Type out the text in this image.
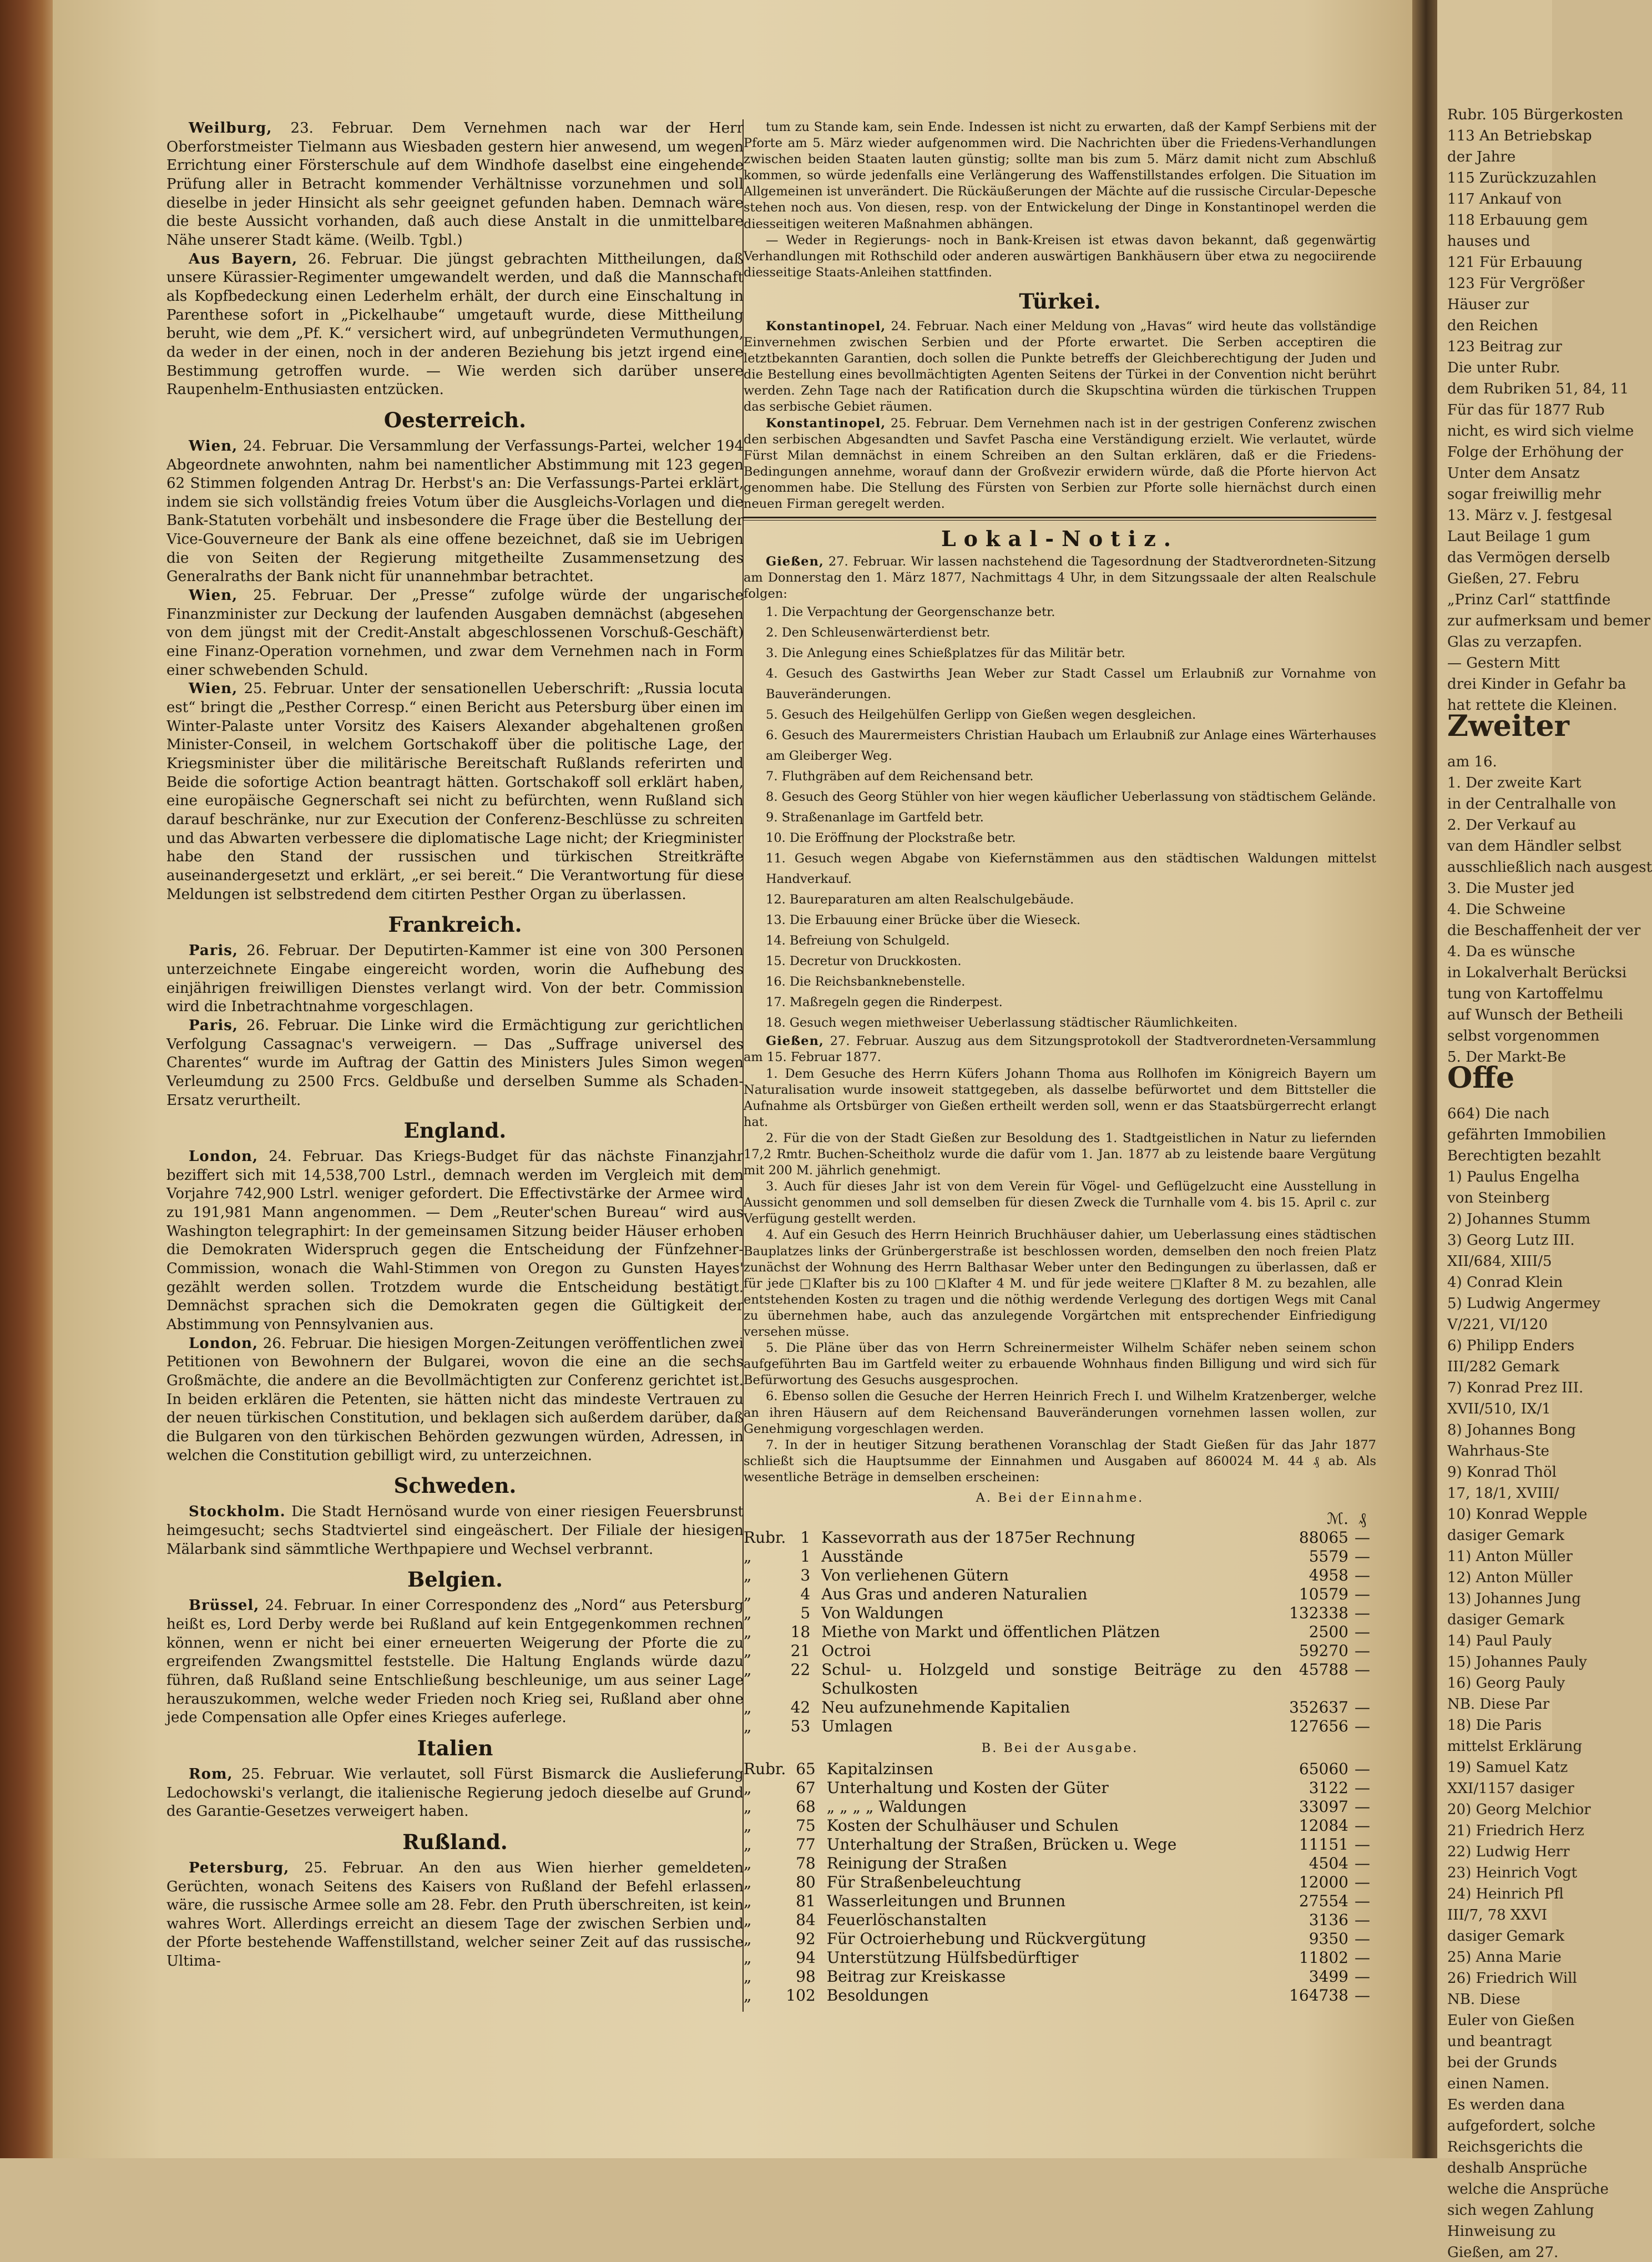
Weilburg, 23. Februar. Dem Vernehmen nach war der Herr Oberforstmeister Tielmann aus Wiesbaden gestern hier anwesend, um wegen Errichtung einer Försterschule auf dem Windhofe daselbst eine eingehende Prüfung aller in Betracht kommender Verhältnisse vorzunehmen und soll dieselbe in jeder Hinsicht als sehr geeignet gefunden haben. Demnach wäre die beste Aussicht vorhanden, daß auch diese Anstalt in die unmittelbare Nähe unserer Stadt käme. (Weilb. Tgbl.)

Aus Bayern, 26. Februar. Die jüngst gebrachten Mittheilungen, daß unsere Kürassier-Regimenter umgewandelt werden, und daß die Mannschaft als Kopfbedeckung einen Lederhelm erhält, der durch eine Einschaltung in Parenthese sofort in „Pickelhaube“ umgetauft wurde, diese Mittheilung beruht, wie dem „Pf. K.“ versichert wird, auf unbegründeten Vermuthungen, da weder in der einen, noch in der anderen Beziehung bis jetzt irgend eine Bestimmung getroffen wurde. — Wie werden sich darüber unsere Raupenhelm-Enthusiasten entzücken.

Oesterreich.

Wien, 24. Februar. Die Versammlung der Verfassungs-Partei, welcher 194 Abgeordnete anwohnten, nahm bei namentlicher Abstimmung mit 123 gegen 62 Stimmen folgenden Antrag Dr. Herbst's an: Die Verfassungs-Partei erklärt, indem sie sich vollständig freies Votum über die Ausgleichs-Vorlagen und die Bank-Statuten vorbehält und insbesondere die Frage über die Bestellung der Vice-Gouverneure der Bank als eine offene bezeichnet, daß sie im Uebrigen die von Seiten der Regierung mitgetheilte Zusammensetzung des Generalraths der Bank nicht für unannehmbar betrachtet.

Wien, 25. Februar. Der „Presse“ zufolge würde der ungarische Finanzminister zur Deckung der laufenden Ausgaben demnächst (abgesehen von dem jüngst mit der Credit-Anstalt abgeschlossenen Vorschuß-Geschäft) eine Finanz-Operation vornehmen, und zwar dem Vernehmen nach in Form einer schwebenden Schuld.

Wien, 25. Februar. Unter der sensationellen Ueberschrift: „Russia locuta est“ bringt die „Pesther Corresp.“ einen Bericht aus Petersburg über einen im Winter-Palaste unter Vorsitz des Kaisers Alexander abgehaltenen großen Minister-Conseil, in welchem Gortschakoff über die politische Lage, der Kriegsminister über die militärische Bereitschaft Rußlands referirten und Beide die sofortige Action beantragt hätten. Gortschakoff soll erklärt haben, eine europäische Gegnerschaft sei nicht zu befürchten, wenn Rußland sich darauf beschränke, nur zur Execution der Conferenz-Beschlüsse zu schreiten und das Abwarten verbessere die diplomatische Lage nicht; der Kriegminister habe den Stand der russischen und türkischen Streitkräfte auseinandergesetzt und erklärt, „er sei bereit.“ Die Verantwortung für diese Meldungen ist selbstredend dem citirten Pesther Organ zu überlassen.

Frankreich.

Paris, 26. Februar. Der Deputirten-Kammer ist eine von 300 Personen unterzeichnete Eingabe eingereicht worden, worin die Aufhebung des einjährigen freiwilligen Dienstes verlangt wird. Von der betr. Commission wird die Inbetrachtnahme vorgeschlagen.

Paris, 26. Februar. Die Linke wird die Ermächtigung zur gerichtlichen Verfolgung Cassagnac's verweigern. — Das „Suffrage universel des Charentes“ wurde im Auftrag der Gattin des Ministers Jules Simon wegen Verleumdung zu 2500 Frcs. Geldbuße und derselben Summe als Schaden-Ersatz verurtheilt.

England.

London, 24. Februar. Das Kriegs-Budget für das nächste Finanzjahr beziffert sich mit 14,538,700 Lstrl., demnach werden im Vergleich mit dem Vorjahre 742,900 Lstrl. weniger gefordert. Die Effectivstärke der Armee wird zu 191,981 Mann angenommen. — Dem „Reuter'schen Bureau“ wird aus Washington telegraphirt: In der gemeinsamen Sitzung beider Häuser erhoben die Demokraten Widerspruch gegen die Entscheidung der Fünfzehner-Commission, wonach die Wahl-Stimmen von Oregon zu Gunsten Hayes' gezählt werden sollen. Trotzdem wurde die Entscheidung bestätigt. Demnächst sprachen sich die Demokraten gegen die Gültigkeit der Abstimmung von Pennsylvanien aus.

London, 26. Februar. Die hiesigen Morgen-Zeitungen veröffentlichen zwei Petitionen von Bewohnern der Bulgarei, wovon die eine an die sechs Großmächte, die andere an die Bevollmächtigten zur Conferenz gerichtet ist. In beiden erklären die Petenten, sie hätten nicht das mindeste Vertrauen zu der neuen türkischen Constitution, und beklagen sich außerdem darüber, daß die Bulgaren von den türkischen Behörden gezwungen würden, Adressen, in welchen die Constitution gebilligt wird, zu unterzeichnen.

Schweden.

Stockholm. Die Stadt Hernösand wurde von einer riesigen Feuersbrunst heimgesucht; sechs Stadtviertel sind eingeäschert. Der Filiale der hiesigen Mälarbank sind sämmtliche Werthpapiere und Wechsel verbrannt.

Belgien.

Brüssel, 24. Februar. In einer Correspondenz des „Nord“ aus Petersburg heißt es, Lord Derby werde bei Rußland auf kein Entgegenkommen rechnen können, wenn er nicht bei einer erneuerten Weigerung der Pforte die zu ergreifenden Zwangsmittel feststelle. Die Haltung Englands würde dazu führen, daß Rußland seine Entschließung beschleunige, um aus seiner Lage herauszukommen, welche weder Frieden noch Krieg sei, Rußland aber ohne jede Compensation alle Opfer eines Krieges auferlege.

Italien

Rom, 25. Februar. Wie verlautet, soll Fürst Bismarck die Auslieferung Ledochowski's verlangt, die italienische Regierung jedoch dieselbe auf Grund des Garantie-Gesetzes verweigert haben.

Rußland.

Petersburg, 25. Februar. An den aus Wien hierher gemeldeten Gerüchten, wonach Seitens des Kaisers von Rußland der Befehl erlassen wäre, die russische Armee solle am 28. Febr. den Pruth überschreiten, ist kein wahres Wort. Allerdings erreicht an diesem Tage der zwischen Serbien und der Pforte bestehende Waffenstillstand, welcher seiner Zeit auf das russische Ultima-

tum zu Stande kam, sein Ende. Indessen ist nicht zu erwarten, daß der Kampf Serbiens mit der Pforte am 5. März wieder aufgenommen wird. Die Nachrichten über die Friedens-Verhandlungen zwischen beiden Staaten lauten günstig; sollte man bis zum 5. März damit nicht zum Abschluß kommen, so würde jedenfalls eine Verlängerung des Waffenstillstandes erfolgen. Die Situation im Allgemeinen ist unverändert. Die Rückäußerungen der Mächte auf die russische Circular-Depesche stehen noch aus. Von diesen, resp. von der Entwickelung der Dinge in Konstantinopel werden die diesseitigen weiteren Maßnahmen abhängen.

— Weder in Regierungs- noch in Bank-Kreisen ist etwas davon bekannt, daß gegenwärtig Verhandlungen mit Rothschild oder anderen auswärtigen Bankhäusern über etwa zu negociirende diesseitige Staats-Anleihen stattfinden.

Türkei.

Konstantinopel, 24. Februar. Nach einer Meldung von „Havas“ wird heute das vollständige Einvernehmen zwischen Serbien und der Pforte erwartet. Die Serben acceptiren die letztbekannten Garantien, doch sollen die Punkte betreffs der Gleichberechtigung der Juden und die Bestellung eines bevollmächtigten Agenten Seitens der Türkei in der Convention nicht berührt werden. Zehn Tage nach der Ratification durch die Skupschtina würden die türkischen Truppen das serbische Gebiet räumen.

Konstantinopel, 25. Februar. Dem Vernehmen nach ist in der gestrigen Conferenz zwischen den serbischen Abgesandten und Savfet Pascha eine Verständigung erzielt. Wie verlautet, würde Fürst Milan demnächst in einem Schreiben an den Sultan erklären, daß er die Friedens-Bedingungen annehme, worauf dann der Großvezir erwidern würde, daß die Pforte hiervon Act genommen habe. Die Stellung des Fürsten von Serbien zur Pforte solle hiernächst durch einen neuen Firman geregelt werden.

Lokal-Notiz.

Gießen, 27. Februar. Wir lassen nachstehend die Tagesordnung der Stadtverordneten-Sitzung am Donnerstag den 1. März 1877, Nachmittags 4 Uhr, in dem Sitzungssaale der alten Realschule folgen:

1. Die Verpachtung der Georgenschanze betr.
2. Den Schleusenwärterdienst betr.
3. Die Anlegung eines Schießplatzes für das Militär betr.
4. Gesuch des Gastwirths Jean Weber zur Stadt Cassel um Erlaubniß zur Vornahme von Bauveränderungen.
5. Gesuch des Heilgehülfen Gerlipp von Gießen wegen desgleichen.
6. Gesuch des Maurermeisters Christian Haubach um Erlaubniß zur Anlage eines Wärterhauses am Gleiberger Weg.
7. Fluthgräben auf dem Reichensand betr.
8. Gesuch des Georg Stühler von hier wegen käuflicher Ueberlassung von städtischem Gelände.
9. Straßenanlage im Gartfeld betr.
10. Die Eröffnung der Plockstraße betr.
11. Gesuch wegen Abgabe von Kiefernstämmen aus den städtischen Waldungen mittelst Handverkauf.
12. Baureparaturen am alten Realschulgebäude.
13. Die Erbauung einer Brücke über die Wieseck.
14. Befreiung von Schulgeld.
15. Decretur von Druckkosten.
16. Die Reichsbanknebenstelle.
17. Maßregeln gegen die Rinderpest.
18. Gesuch wegen miethweiser Ueberlassung städtischer Räumlichkeiten.

Gießen, 27. Februar. Auszug aus dem Sitzungsprotokoll der Stadtverordneten-Versammlung am 15. Februar 1877.

1. Dem Gesuche des Herrn Küfers Johann Thoma aus Rollhofen im Königreich Bayern um Naturalisation wurde insoweit stattgegeben, als dasselbe befürwortet und dem Bittsteller die Aufnahme als Ortsbürger von Gießen ertheilt werden soll, wenn er das Staatsbürgerrecht erlangt hat.

2. Für die von der Stadt Gießen zur Besoldung des 1. Stadtgeistlichen in Natur zu liefernden 17,2 Rmtr. Buchen-Scheitholz wurde die dafür vom 1. Jan. 1877 ab zu leistende baare Vergütung mit 200 M. jährlich genehmigt.

3. Auch für dieses Jahr ist von dem Verein für Vögel- und Geflügelzucht eine Ausstellung in Aussicht genommen und soll demselben für diesen Zweck die Turnhalle vom 4. bis 15. April c. zur Verfügung gestellt werden.

4. Auf ein Gesuch des Herrn Heinrich Bruchhäuser dahier, um Ueberlassung eines städtischen Bauplatzes links der Grünbergerstraße ist beschlossen worden, demselben den noch freien Platz zunächst der Wohnung des Herrn Balthasar Weber unter den Bedingungen zu überlassen, daß er für jede □Klafter bis zu 100 □Klafter 4 M. und für jede weitere □Klafter 8 M. zu bezahlen, alle entstehenden Kosten zu tragen und die nöthig werdende Verlegung des dortigen Wegs mit Canal zu übernehmen habe, auch das anzulegende Vorgärtchen mit entsprechender Einfriedigung versehen müsse.

5. Die Pläne über das von Herrn Schreinermeister Wilhelm Schäfer neben seinem schon aufgeführten Bau im Gartfeld weiter zu erbauende Wohnhaus finden Billigung und wird sich für Befürwortung des Gesuchs ausgesprochen.

6. Ebenso sollen die Gesuche der Herren Heinrich Frech I. und Wilhelm Kratzenberger, welche an ihren Häusern auf dem Reichensand Bauveränderungen vornehmen lassen wollen, zur Genehmigung vorgeschlagen werden.

7. In der in heutiger Sitzung berathenen Voranschlag der Stadt Gießen für das Jahr 1877 schließt sich die Hauptsumme der Einnahmen und Ausgaben auf 860024 M. 44 ₰ ab. Als wesentliche Beträge in demselben erscheinen:

A. Bei der Einnahme.
			ℳ.	₰
Rubr.	1	Kassevorrath aus der 1875er Rechnung	88065	—
„	1	Ausstände	5579	—
„	3	Von verliehenen Gütern	4958	—
„	4	Aus Gras und anderen Naturalien	10579	—
„	5	Von Waldungen	132338	—
„	18	Miethe von Markt und öffentlichen Plätzen	2500	—
„	21	Octroi	59270	—
„	22	Schul- u. Holzgeld und sonstige Beiträge zu den Schulkosten	45788	—
„	42	Neu aufzunehmende Kapitalien	352637	—
„	53	Umlagen	127656	—
B. Bei der Ausgabe.
Rubr.	65	Kapitalzinsen	65060	—
„	67	Unterhaltung und Kosten der Güter	3122	—
„	68	„ „ „ „ Waldungen	33097	—
„	75	Kosten der Schulhäuser und Schulen	12084	—
„	77	Unterhaltung der Straßen, Brücken u. Wege	11151	—
„	78	Reinigung der Straßen	4504	—
„	80	Für Straßenbeleuchtung	12000	—
„	81	Wasserleitungen und Brunnen	27554	—
„	84	Feuerlöschanstalten	3136	—
„	92	Für Octroierhebung und Rückvergütung	9350	—
„	94	Unterstützung Hülfsbedürftiger	11802	—
„	98	Beitrag zur Kreiskasse	3499	—
„	102	Besoldungen	164738	—
Rubr. 105 Bürgerkosten
113 An Betriebskap
der Jahre
115 Zurückzuzahlen
117 Ankauf von
118 Erbauung gem
hauses und
121 Für Erbauung
123 Für Vergrößer
Häuser zur
den Reichen
123 Beitrag zur
Die unter Rubr.
dem Rubriken 51, 84, 11
Für das für 1877 Rub
nicht, es wird sich vielme
Folge der Erhöhung der
Unter dem Ansatz
sogar freiwillig mehr
13. März v. J. festgesal
Laut Beilage 1 gum
das Vermögen derselb
Gießen, 27. Febru
„Prinz Carl“ stattfinde
zur aufmerksam und bemer
Glas zu verzapfen.
— Gestern Mitt
drei Kinder in Gefahr ba
hat rettete die Kleinen.
Zweiter
am 16.
1. Der zweite Kart
in der Centralhalle von
2. Der Verkauf au
van dem Händler selbst
ausschließlich nach ausgest
3. Die Muster jed
4. Die Schweine
die Beschaffenheit der ver
4. Da es wünsche
in Lokalverhalt Berücksi
tung von Kartoffelmu
auf Wunsch der Betheili
selbst vorgenommen
5. Der Markt-Be
Offe
664) Die nach
gefährten Immobilien
Berechtigten bezahlt
1) Paulus Engelha
von Steinberg
2) Johannes Stumm
3) Georg Lutz III.
XII/684, XIII/5
4) Conrad Klein
5) Ludwig Angermey
V/221, VI/120
6) Philipp Enders
III/282 Gemark
7) Konrad Prez III.
XVII/510, IX/1
8) Johannes Bong
Wahrhaus-Ste
9) Konrad Thöl
17, 18/1, XVIII/
10) Konrad Wepple
dasiger Gemark
11) Anton Müller
12) Anton Müller
13) Johannes Jung
dasiger Gemark
14) Paul Pauly
15) Johannes Pauly
16) Georg Pauly
NB. Diese Par
18) Die Paris
mittelst Erklärung
19) Samuel Katz
XXI/1157 dasiger
20) Georg Melchior
21) Friedrich Herz
22) Ludwig Herr
23) Heinrich Vogt
24) Heinrich Pfl
III/7, 78 XXVI
dasiger Gemark
25) Anna Marie
26) Friedrich Will
NB. Diese
Euler von Gießen
und beantragt
bei der Grunds
einen Namen.
Es werden dana
aufgefordert, solche
Reichsgerichts die
deshalb Ansprüche
welche die Ansprüche
sich wegen Zahlung
Hinweisung zu
Gießen, am 27.
